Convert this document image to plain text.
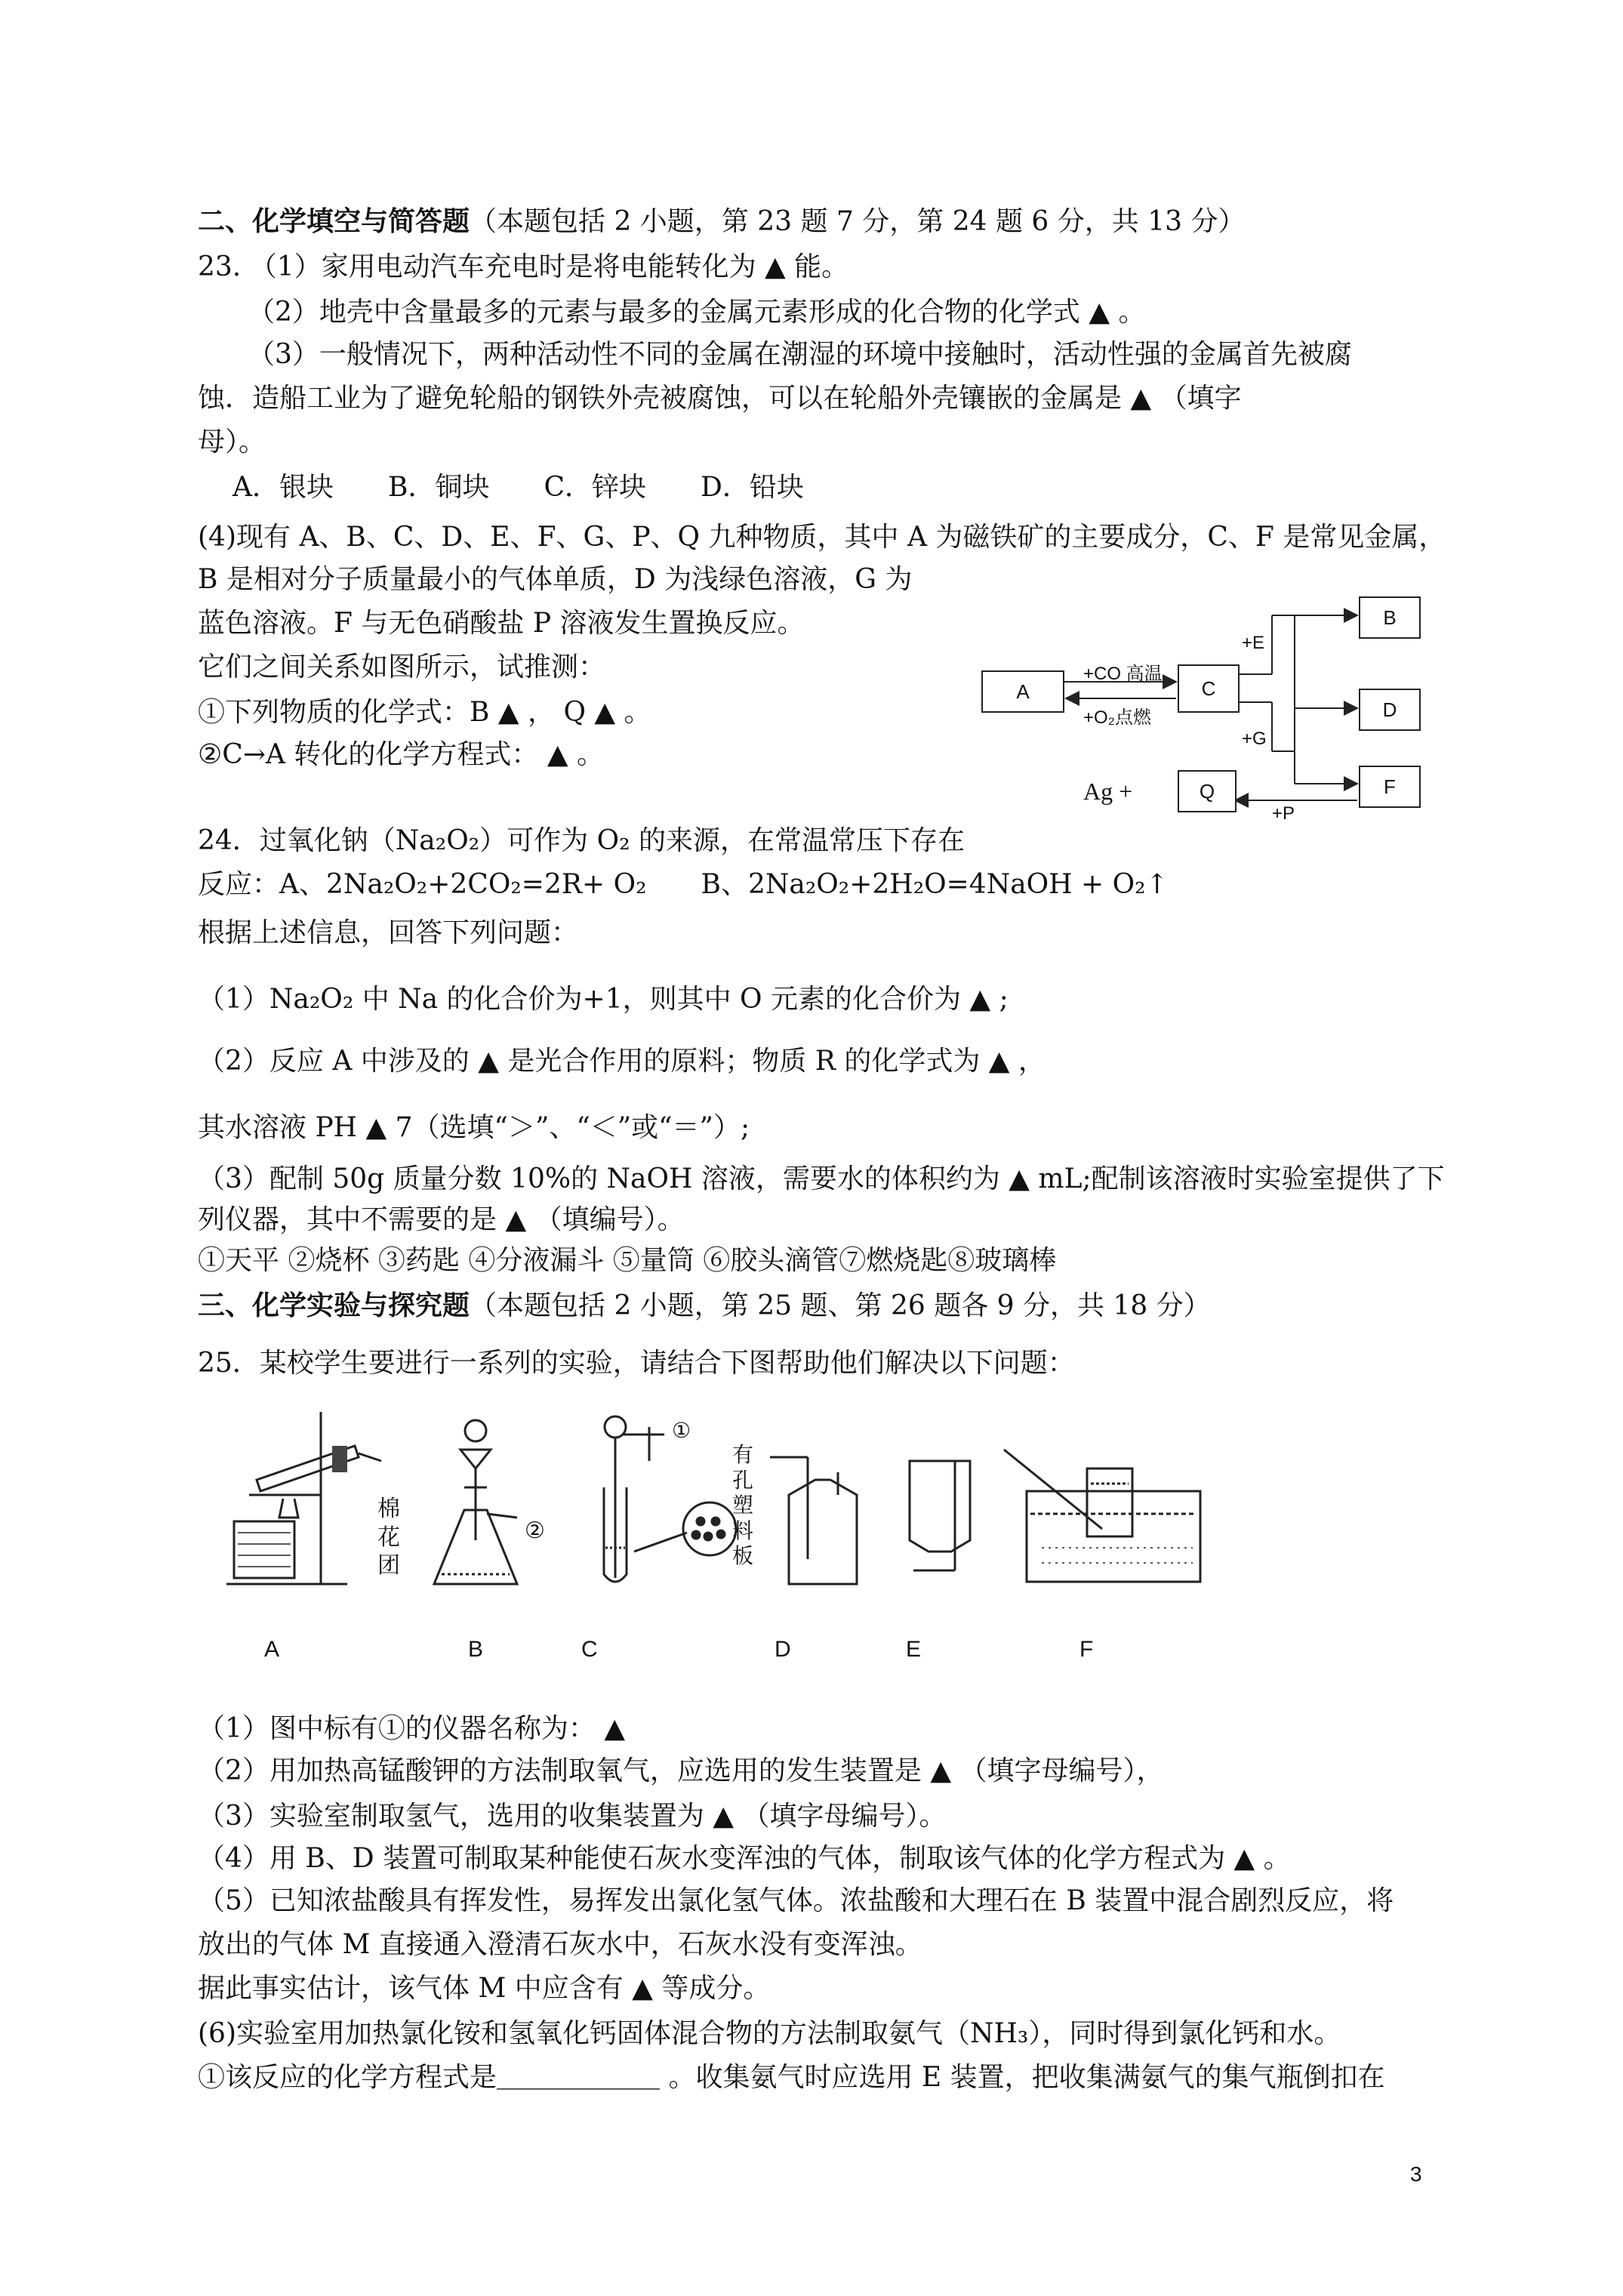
二、化学填空与简答题（本题包括 2 小题，第 23 题 7 分，第 24 题 6 分，共 13 分）
23. （1）家用电动汽车充电时是将电能转化为 ▲ 能。
（2）地壳中含量最多的元素与最多的金属元素形成的化合物的化学式 ▲ 。
（3）一般情况下，两种活动性不同的金属在潮湿的环境中接触时，活动性强的金属首先被腐
蚀．造船工业为了避免轮船的钢铁外壳被腐蚀，可以在轮船外壳镶嵌的金属是 ▲ （填字
母）。
A．银块　　B．铜块　　C．锌块　　D．铅块
(4)现有 A、B、C、D、E、F、G、P、Q 九种物质，其中 A 为磁铁矿的主要成分，C、F 是常见金属，
B 是相对分子质量最小的气体单质，D 为浅绿色溶液，G 为
蓝色溶液。F 与无色硝酸盐 P 溶液发生置换反应。
它们之间关系如图所示，试推测：
①下列物质的化学式：B ▲ ， Q ▲ 。
②C→A 转化的化学方程式： ▲ 。
A	C
B
D
F
Q
+CO 高温
+O₂点燃
+E
+G
+P
Ag +
24．过氧化钠（Na₂O₂）可作为 O₂ 的来源，在常温常压下存在
反应：A、2Na₂O₂+2CO₂=2R+ O₂　　B、2Na₂O₂+2H₂O=4NaOH + O₂↑
根据上述信息，回答下列问题：
（1）Na₂O₂ 中 Na 的化合价为+1，则其中 O 元素的化合价为 ▲ ;
（2）反应 A 中涉及的 ▲ 是光合作用的原料；物质 R 的化学式为 ▲ ，
其水溶液 PH ▲ 7（选填“＞”、“＜”或“＝”）;
（3）配制 50g 质量分数 10%的 NaOH 溶液，需要水的体积约为 ▲ mL;配制该溶液时实验室提供了下
列仪器，其中不需要的是 ▲ （填编号）。
①天平 ②烧杯 ③药匙 ④分液漏斗 ⑤量筒 ⑥胶头滴管⑦燃烧匙⑧玻璃棒
三、化学实验与探究题（本题包括 2 小题，第 25 题、第 26 题各 9 分，共 18 分）
25．某校学生要进行一系列的实验，请结合下图帮助他们解决以下问题：
棉花团
有孔塑料板
①
②
A	B	C	D	E	F
（1）图中标有①的仪器名称为： ▲
（2）用加热高锰酸钾的方法制取氧气，应选用的发生装置是 ▲ （填字母编号），
（3）实验室制取氢气，选用的收集装置为 ▲ （填字母编号）。
（4）用 B、D 装置可制取某种能使石灰水变浑浊的气体，制取该气体的化学方程式为 ▲ 。
（5）已知浓盐酸具有挥发性，易挥发出氯化氢气体。浓盐酸和大理石在 B 装置中混合剧烈反应，将
放出的气体 M 直接通入澄清石灰水中，石灰水没有变浑浊。
据此事实估计，该气体 M 中应含有 ▲ 等成分。
(6)实验室用加热氯化铵和氢氧化钙固体混合物的方法制取氨气（NH₃），同时得到氯化钙和水。
①该反应的化学方程式是＿＿＿＿＿＿ 。收集氨气时应选用 E 装置，把收集满氨气的集气瓶倒扣在
3
